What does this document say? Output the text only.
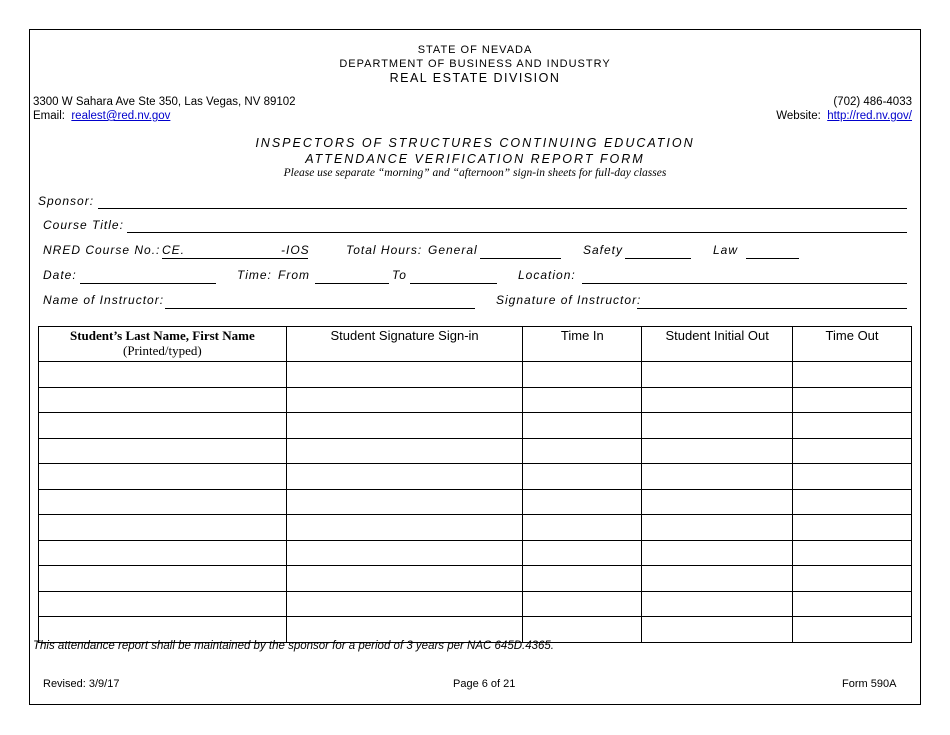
STATE OF NEVADA
DEPARTMENT OF BUSINESS AND INDUSTRY
REAL ESTATE DIVISION
3300 W Sahara Ave Ste 350, Las Vegas, NV 89102
Email: realest@red.nv.gov
(702) 486-4033
Website: http://red.nv.gov/
INSPECTORS OF STRUCTURES CONTINUING EDUCATION
ATTENDANCE VERIFICATION REPORT FORM
Please use separate “morning” and “afternoon” sign-in sheets for full-day classes
Sponsor:
Course Title:
NRED Course No.: CE.	-IOS	Total Hours: General	Safety	Law
Date:	Time: From	To	Location:
Name of Instructor:	Signature of Instructor:
Student’s Last Name, First Name
(Printed/typed)	Student Signature Sign-in	Time In	Student Initial Out	Time Out

This attendance report shall be maintained by the sponsor for a period of 3 years per NAC 645D.4365.
Revised: 3/9/17	Page 6 of 21	Form 590A
